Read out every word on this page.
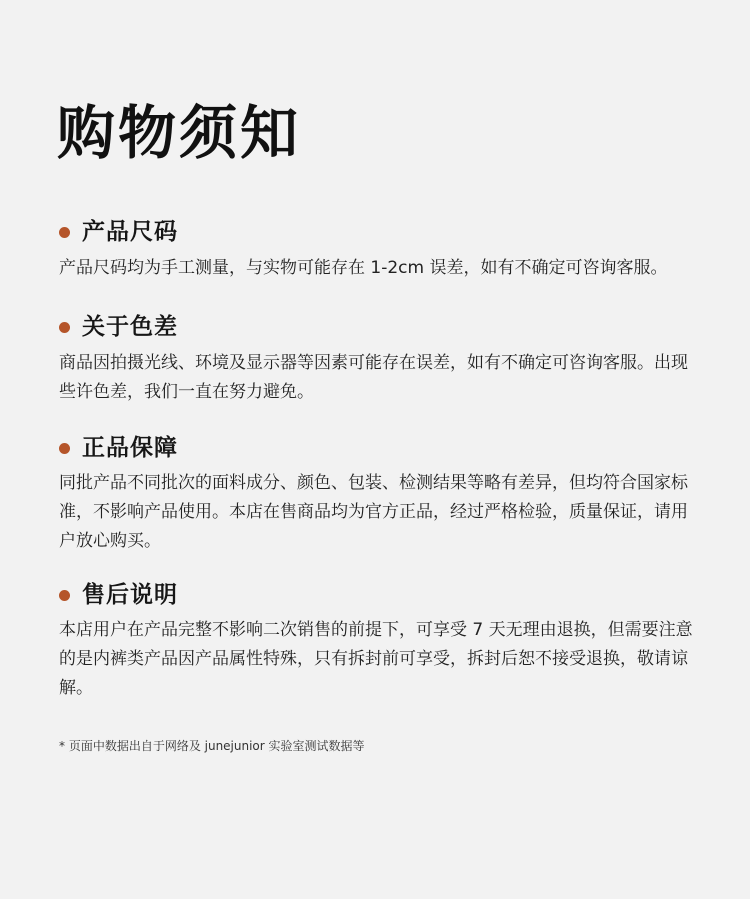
购物须知
产品尺码

产品尺码均为手工测量，与实物可能存在 1-2cm 误差，如有不确定可咨询客服。

关于色差

商品因拍摄光线、环境及显示器等因素可能存在误差，如有不确定可咨询客服。出现些许色差，我们一直在努力避免。

正品保障

同批产品不同批次的面料成分、颜色、包装、检测结果等略有差异，但均符合国家标准，不影响产品使用。本店在售商品均为官方正品，经过严格检验，质量保证，请用户放心购买。

售后说明

本店用户在产品完整不影响二次销售的前提下，可享受 7 天无理由退换，但需要注意的是内裤类产品因产品属性特殊，只有拆封前可享受，拆封后恕不接受退换，敬请谅解。

* 页面中数据出自于网络及 junejunior 实验室测试数据等
